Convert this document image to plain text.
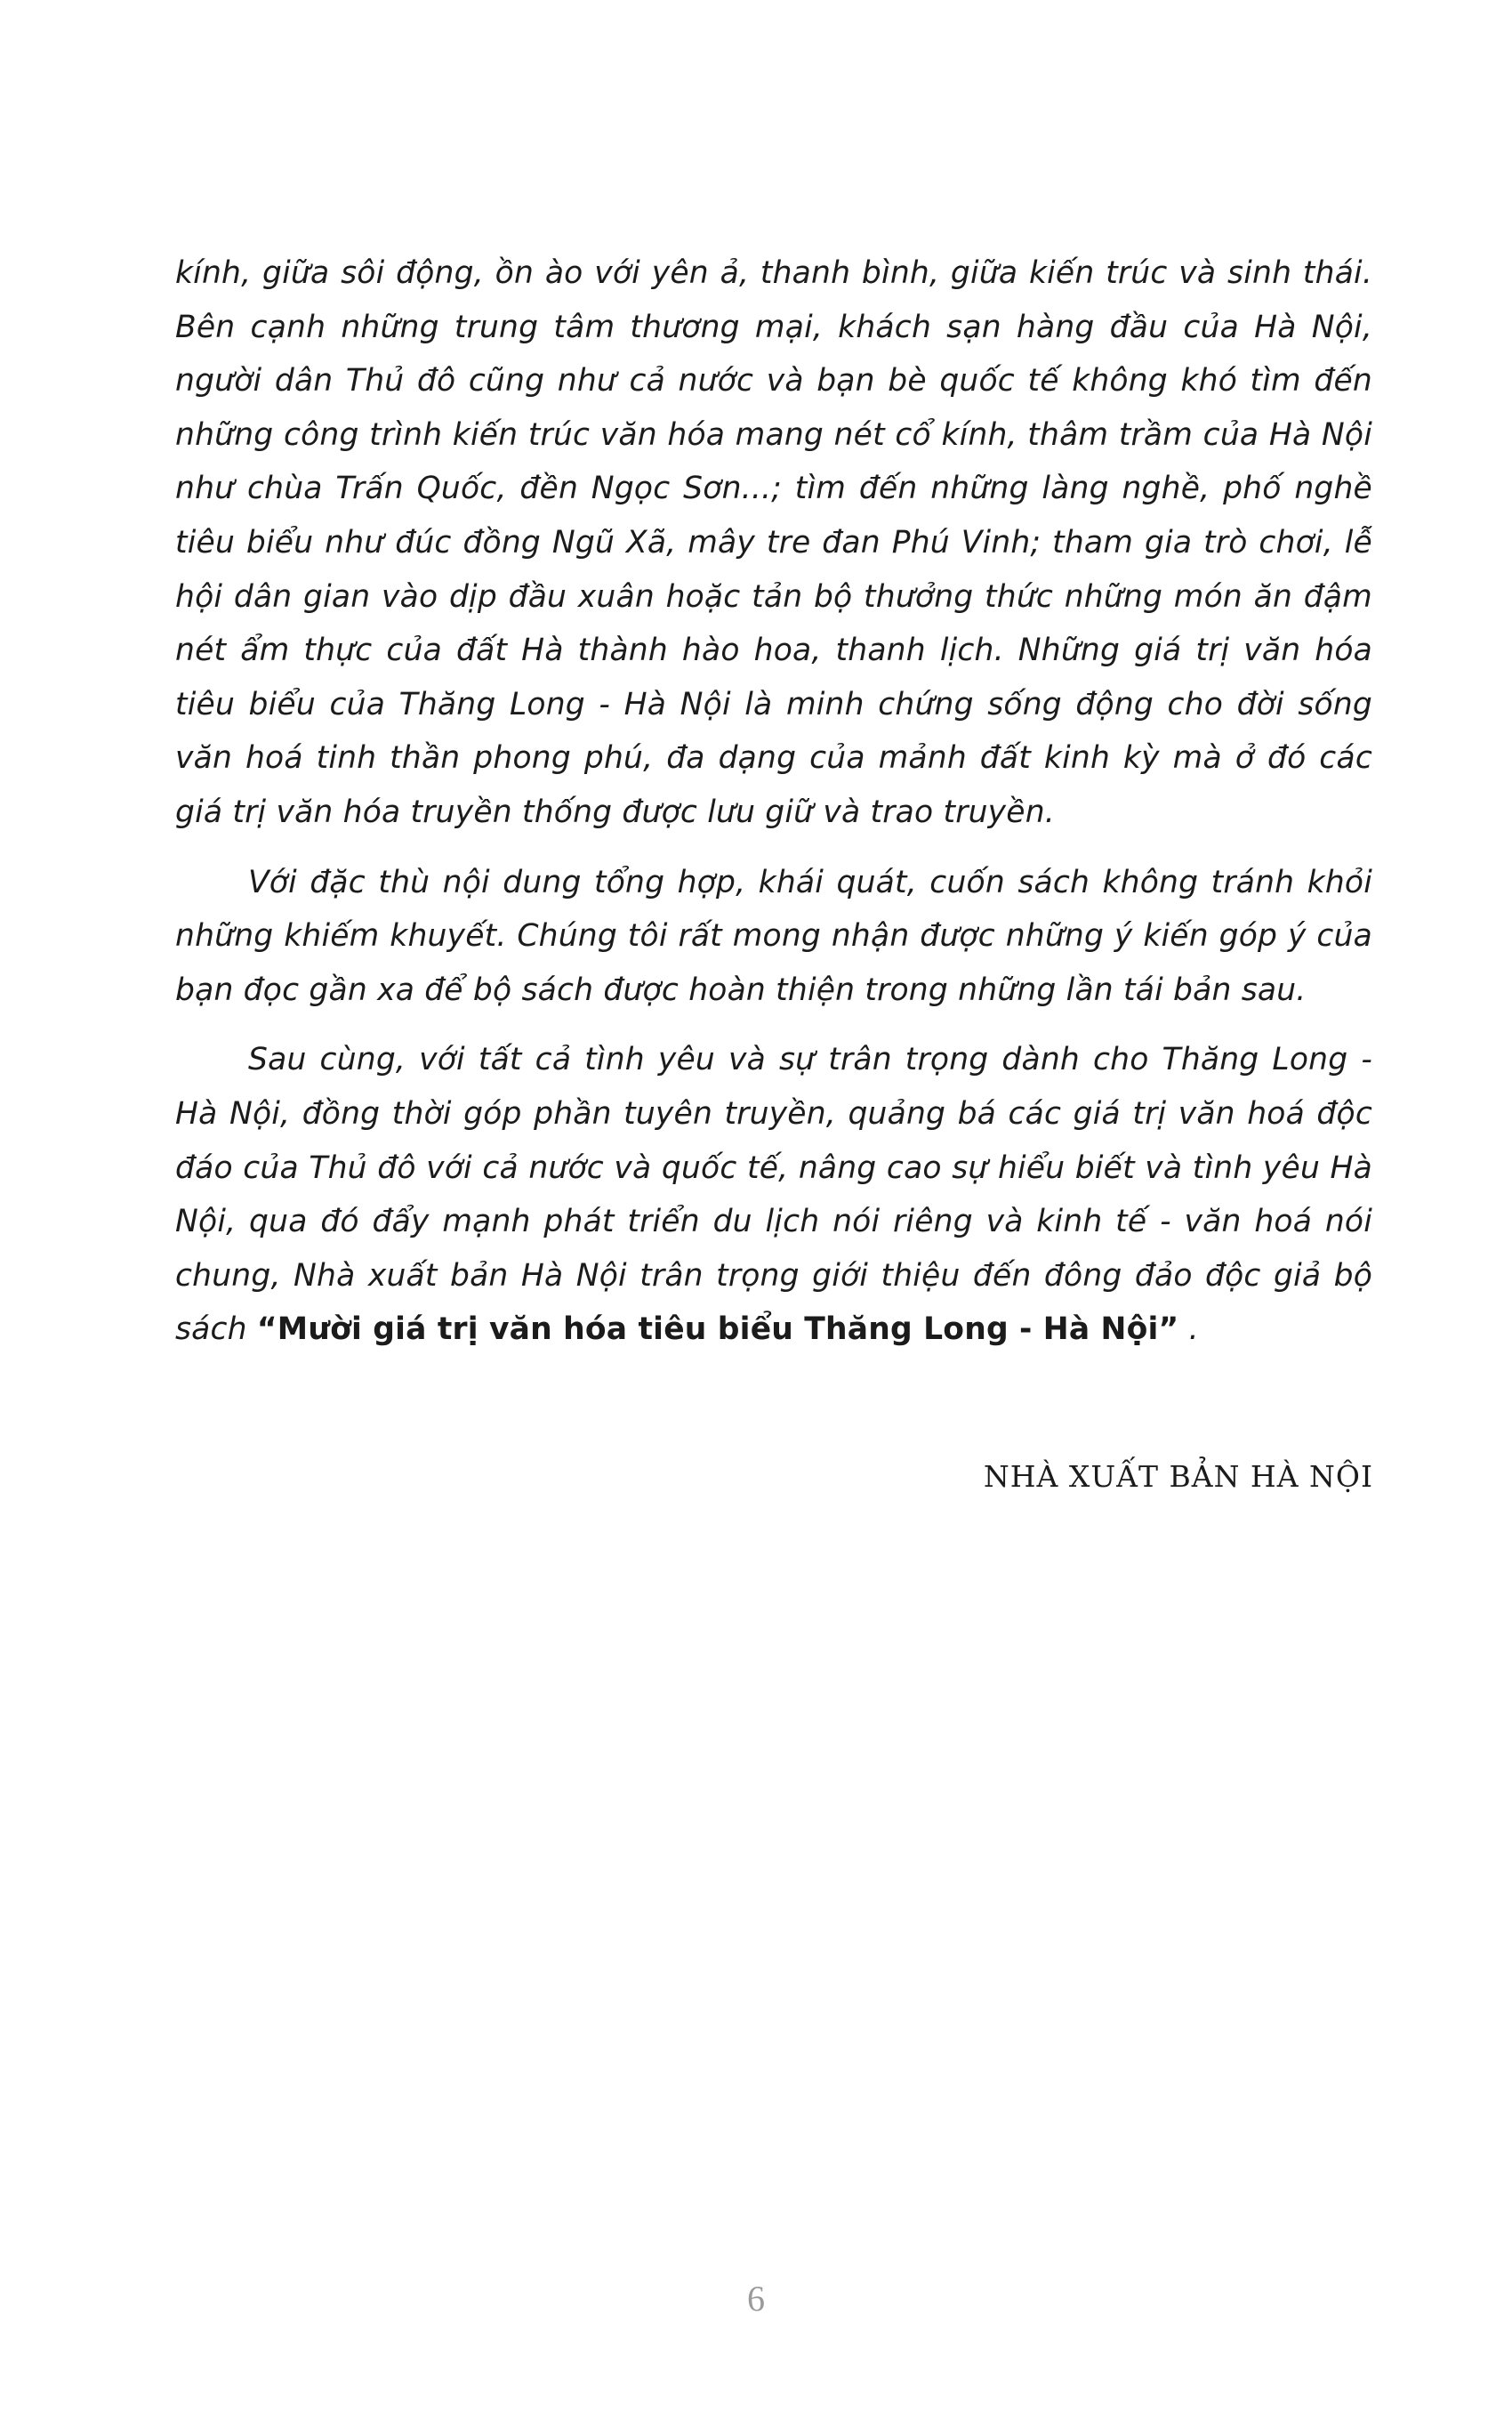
kính, giữa sôi động, ồn ào với yên ả, thanh bình, giữa kiến trúc và sinh thái. Bên cạnh những trung tâm thương mại, khách sạn hàng đầu của Hà Nội, người dân Thủ đô cũng như cả nước và bạn bè quốc tế không khó tìm đến những công trình kiến trúc văn hóa mang nét cổ kính, thâm trầm của Hà Nội như chùa Trấn Quốc, đền Ngọc Sơn...; tìm đến những làng nghề, phố nghề tiêu biểu như đúc đồng Ngũ Xã, mây tre đan Phú Vinh; tham gia trò chơi, lễ hội dân gian vào dịp đầu xuân hoặc tản bộ thưởng thức những món ăn đậm nét ẩm thực của đất Hà thành hào hoa, thanh lịch. Những giá trị văn hóa tiêu biểu của Thăng Long - Hà Nội là minh chứng sống động cho đời sống văn hoá tinh thần phong phú, đa dạng của mảnh đất kinh kỳ mà ở đó các giá trị văn hóa truyền thống được lưu giữ và trao truyền.

Với đặc thù nội dung tổng hợp, khái quát, cuốn sách không tránh khỏi những khiếm khuyết. Chúng tôi rất mong nhận được những ý kiến góp ý của bạn đọc gần xa để bộ sách được hoàn thiện trong những lần tái bản sau.

Sau cùng, với tất cả tình yêu và sự trân trọng dành cho Thăng Long - Hà Nội, đồng thời góp phần tuyên truyền, quảng bá các giá trị văn hoá độc đáo của Thủ đô với cả nước và quốc tế, nâng cao sự hiểu biết và tình yêu Hà Nội, qua đó đẩy mạnh phát triển du lịch nói riêng và kinh tế - văn hoá nói chung, Nhà xuất bản Hà Nội trân trọng giới thiệu đến đông đảo độc giả bộ sách “Mười giá trị văn hóa tiêu biểu Thăng Long - Hà Nội” .

NHÀ XUẤT BẢN HÀ NỘI
6
